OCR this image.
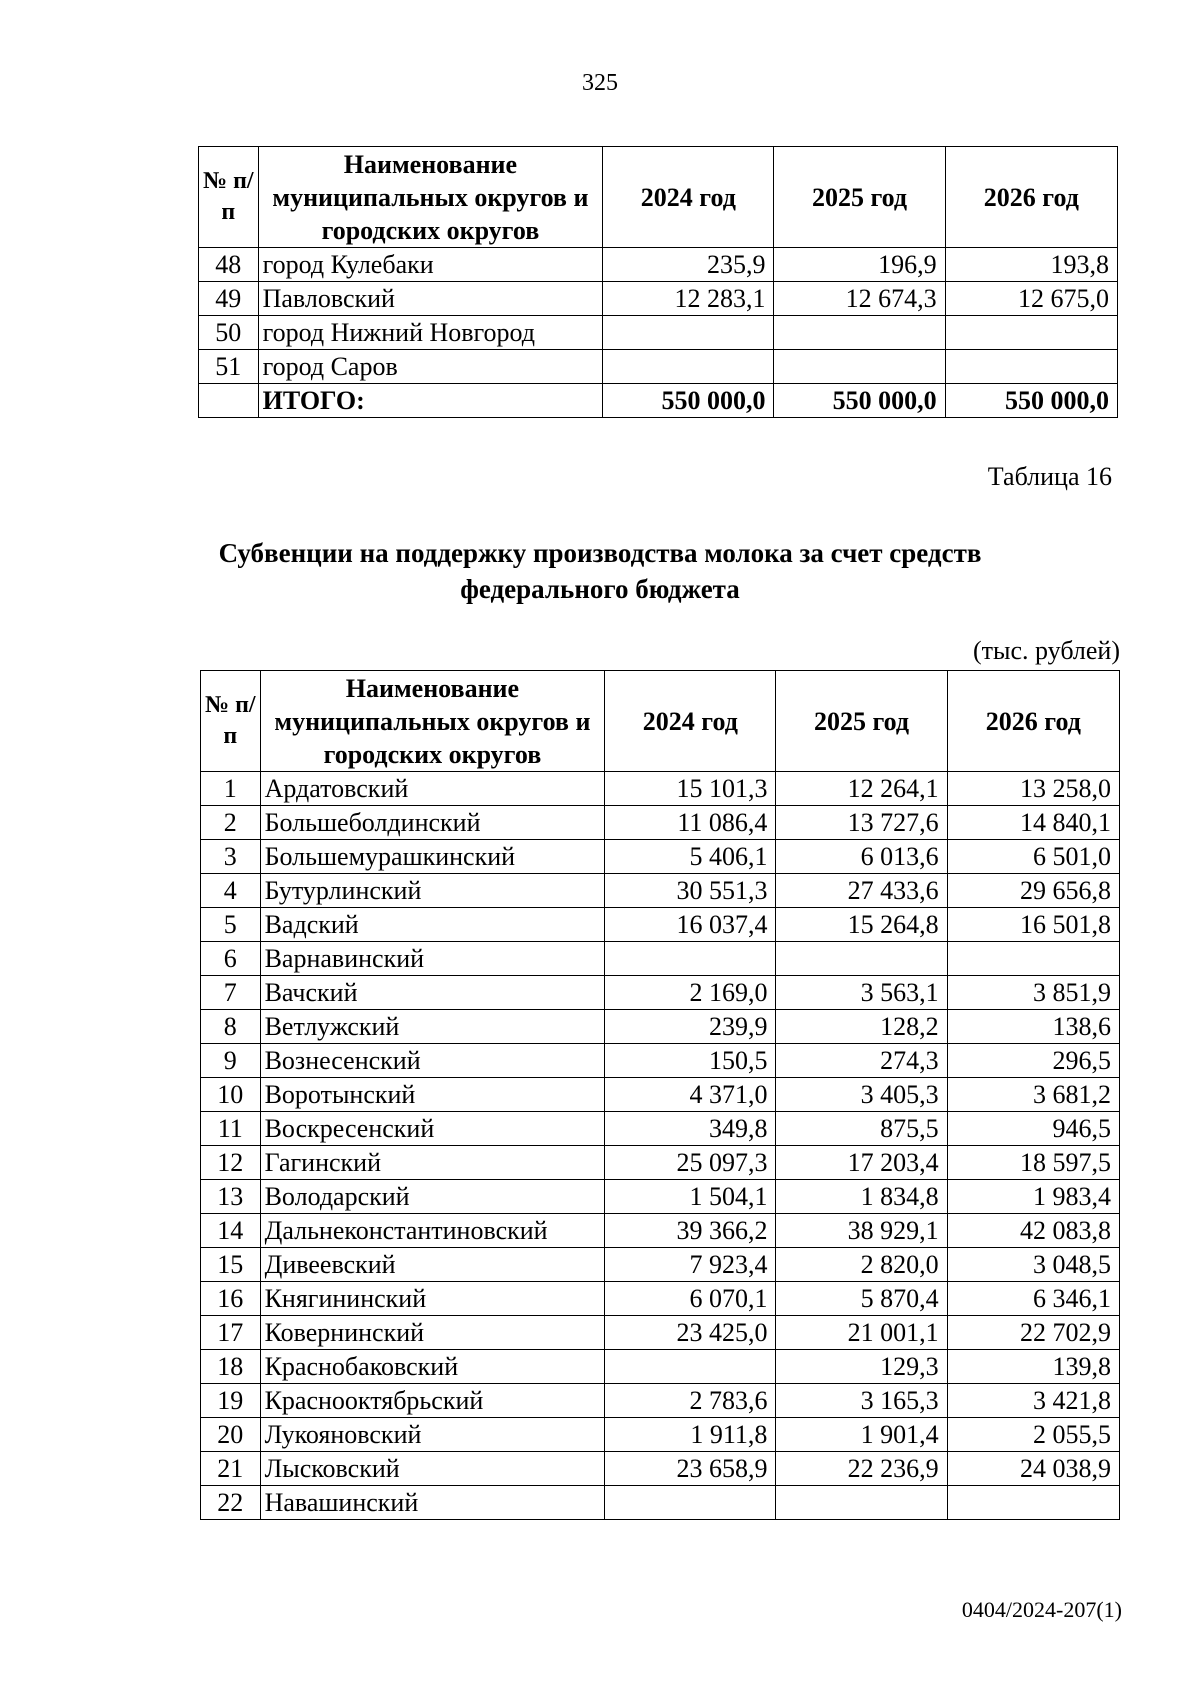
325
№ п/п	Наименование муниципальных округов и городских округов	2024 год	2025 год	2026 год
48	город Кулебаки	235,9	196,9	193,8
49	Павловский	12 283,1	12 674,3	12 675,0
50	город Нижний Новгород			
51	город Саров			
	ИТОГО:	550 000,0	550 000,0	550 000,0
Таблица 16
Субвенции на поддержку производства молока за счет средств
федерального бюджета
(тыс. рублей)
№ п/п	Наименование муниципальных округов и городских округов	2024 год	2025 год	2026 год
1	Ардатовский	15 101,3	12 264,1	13 258,0
2	Большеболдинский	11 086,4	13 727,6	14 840,1
3	Большемурашкинский	5 406,1	6 013,6	6 501,0
4	Бутурлинский	30 551,3	27 433,6	29 656,8
5	Вадский	16 037,4	15 264,8	16 501,8
6	Варнавинский			
7	Вачский	2 169,0	3 563,1	3 851,9
8	Ветлужский	239,9	128,2	138,6
9	Вознесенский	150,5	274,3	296,5
10	Воротынский	4 371,0	3 405,3	3 681,2
11	Воскресенский	349,8	875,5	946,5
12	Гагинский	25 097,3	17 203,4	18 597,5
13	Володарский	1 504,1	1 834,8	1 983,4
14	Дальнеконстантиновский	39 366,2	38 929,1	42 083,8
15	Дивеевский	7 923,4	2 820,0	3 048,5
16	Княгининский	6 070,1	5 870,4	6 346,1
17	Ковернинский	23 425,0	21 001,1	22 702,9
18	Краснобаковский		129,3	139,8
19	Краснооктябрьский	2 783,6	3 165,3	3 421,8
20	Лукояновский	1 911,8	1 901,4	2 055,5
21	Лысковский	23 658,9	22 236,9	24 038,9
22	Навашинский			
0404/2024-207(1)
